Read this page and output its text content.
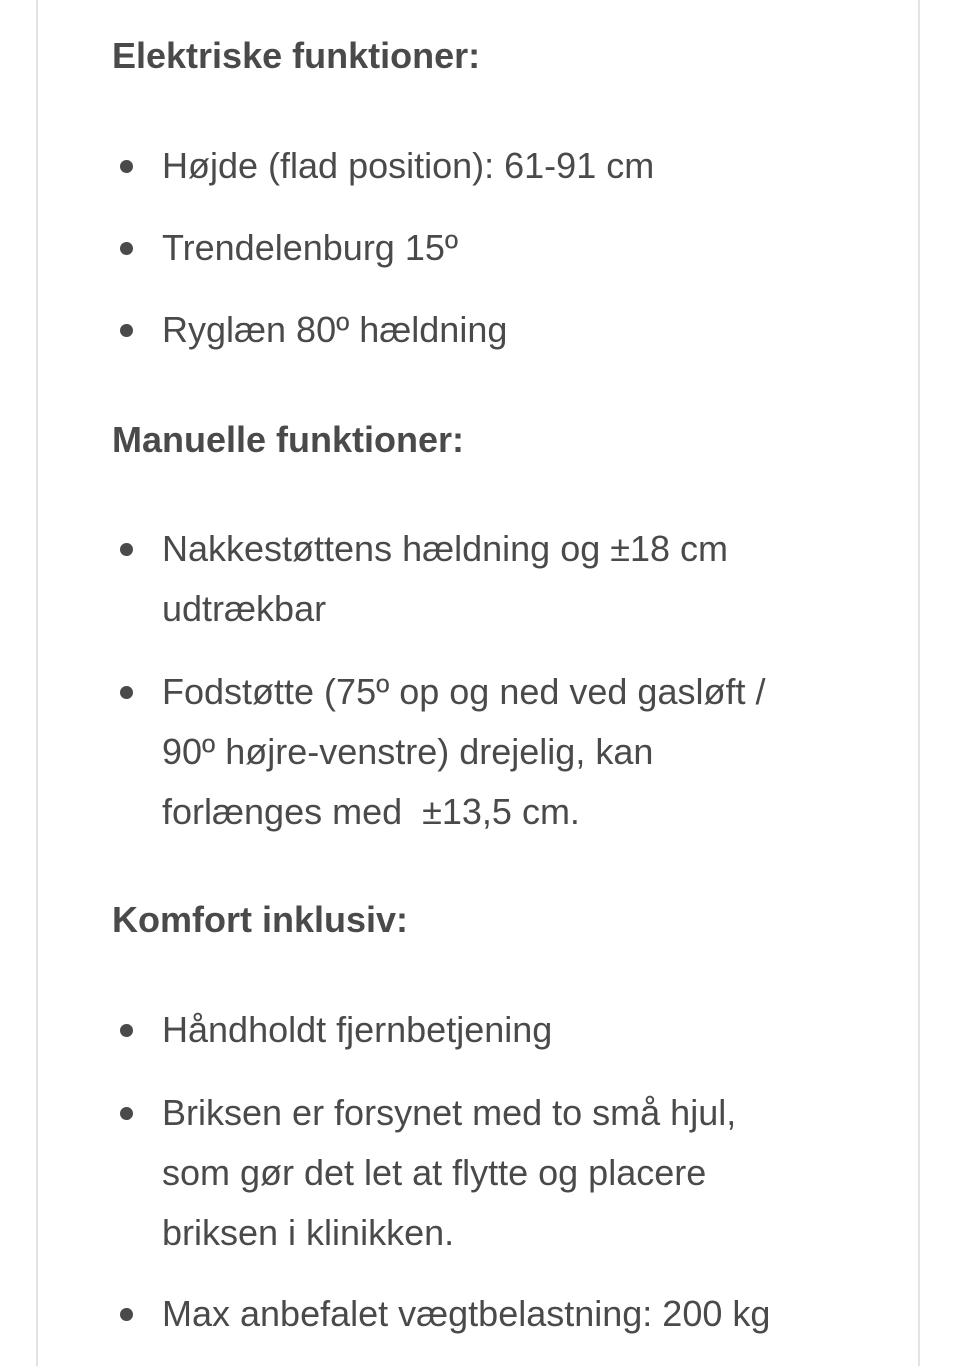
Elektriske funktioner:
Højde (flad position): 61-91 cm
Trendelenburg 15º
Ryglæn 80º hældning
Manuelle funktioner:
Nakkestøttens hældning og ±18 cm
udtrækbar
Fodstøtte (75º op og ned ved gasløft /
90º højre-venstre) drejelig, kan
forlænges med  ±13,5 cm.
Komfort inklusiv:
Håndholdt fjernbetjening
Briksen er forsynet med to små hjul,
som gør det let at flytte og placere
briksen i klinikken.
Max anbefalet vægtbelastning: 200 kg
